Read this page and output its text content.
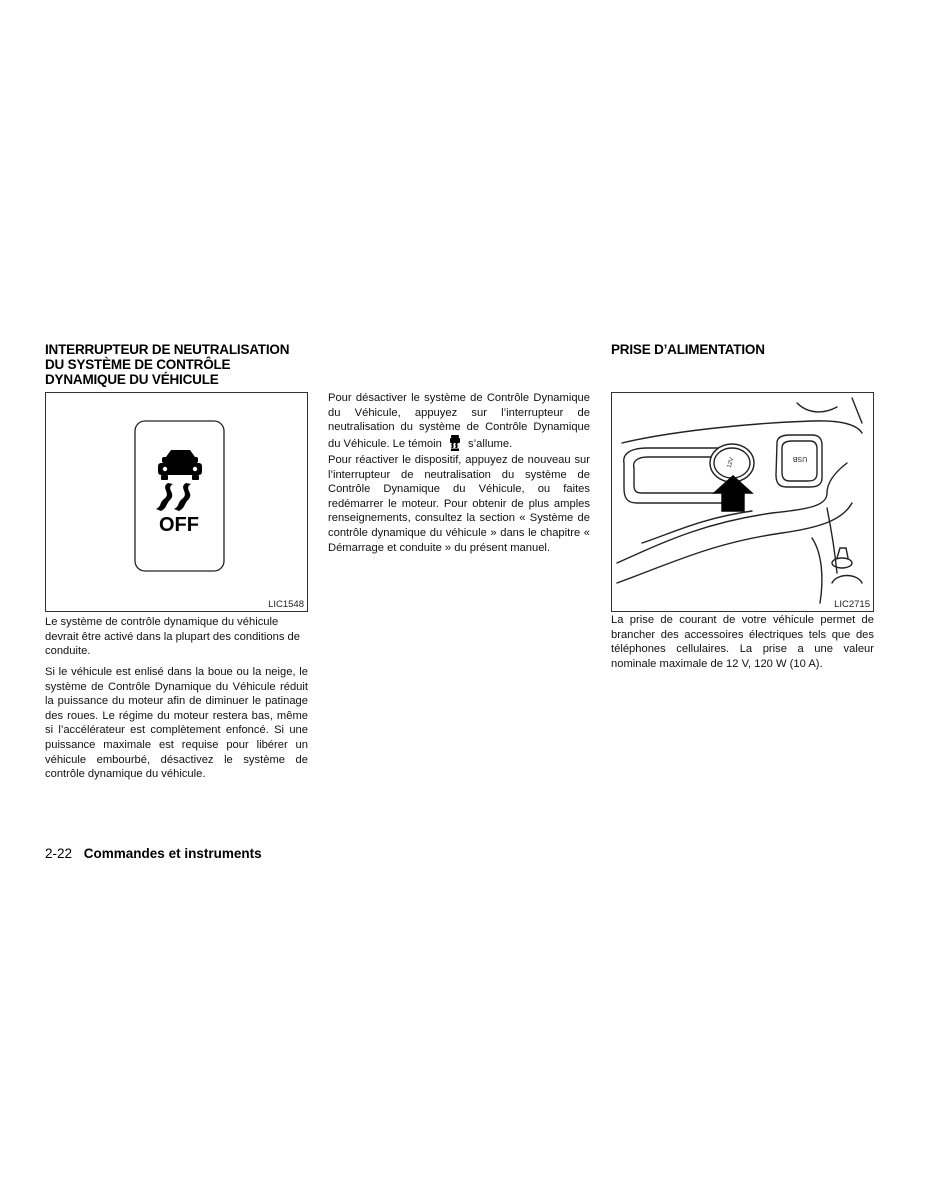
INTERRUPTEUR DE NEUTRALISATION
DU SYSTÈME DE CONTRÔLE
DYNAMIQUE DU VÉHICULE
OFF
LIC1548

Le système de contrôle dynamique du véhicule devrait être activé dans la plupart des conditions de conduite.

Si le véhicule est enlisé dans la boue ou la neige, le système de Contrôle Dynamique du Véhicule réduit la puissance du moteur afin de diminuer le patinage des roues. Le régime du moteur restera bas, même si l’accélérateur est complètement enfoncé. Si une puissance maximale est requise pour libérer un véhicule embourbé, désactivez le système de contrôle dynamique du véhicule.

Pour désactiver le système de Contrôle Dynamique du Véhicule, appuyez sur l’interrupteur de neutralisation du système de Contrôle Dynamique du Véhicule. Le témoin s’allume.

Pour réactiver le dispositif, appuyez de nouveau sur l’interrupteur de neutralisation du système de Contrôle Dynamique du Véhicule, ou faites redémarrer le moteur. Pour obtenir de plus amples renseignements, consultez la section « Système de contrôle dynamique du véhicule » dans le chapitre « Démarrage et conduite » du présent manuel.

PRISE D’ALIMENTATION
12V	USB
LIC2715

La prise de courant de votre véhicule permet de brancher des accessoires électriques tels que des téléphones cellulaires. La prise a une valeur nominale maximale de 12 V, 120 W (10 A).

2-22 Commandes et instruments
